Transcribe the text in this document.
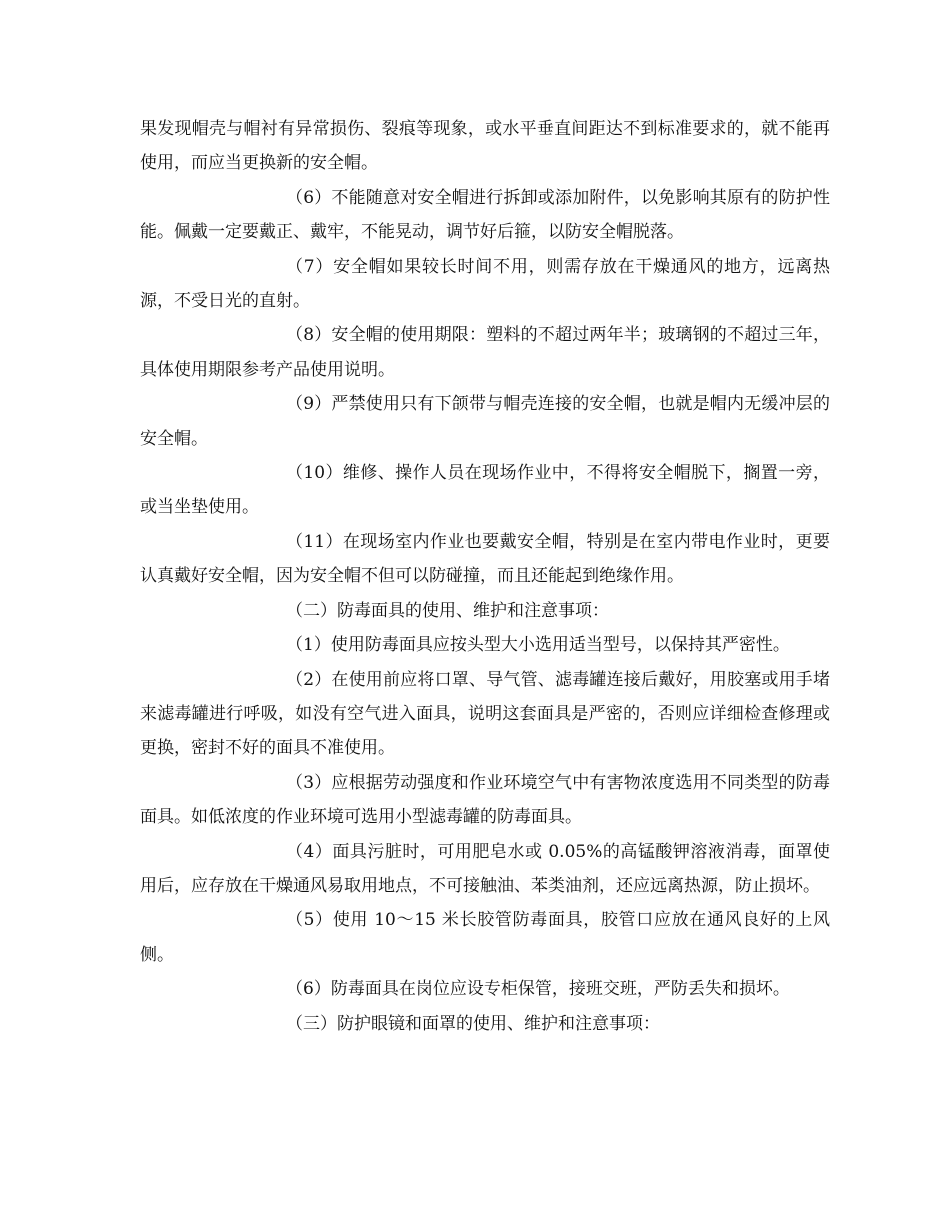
果发现帽壳与帽衬有异常损伤、裂痕等现象，或水平垂直间距达不到标准要求的，就不能再使用，而应当更换新的安全帽。

（6）不能随意对安全帽进行拆卸或添加附件，以免影响其原有的防护性能。佩戴一定要戴正、戴牢，不能晃动，调节好后箍，以防安全帽脱落。

（7）安全帽如果较长时间不用，则需存放在干燥通风的地方，远离热源，不受日光的直射。

（8）安全帽的使用期限：塑料的不超过两年半；玻璃钢的不超过三年，具体使用期限参考产品使用说明。

（9）严禁使用只有下颌带与帽壳连接的安全帽，也就是帽内无缓冲层的安全帽。

（10）维修、操作人员在现场作业中，不得将安全帽脱下，搁置一旁，或当坐垫使用。

（11）在现场室内作业也要戴安全帽，特别是在室内带电作业时，更要认真戴好安全帽，因为安全帽不但可以防碰撞，而且还能起到绝缘作用。

（二）防毒面具的使用、维护和注意事项：

（1）使用防毒面具应按头型大小选用适当型号，以保持其严密性。

（2）在使用前应将口罩、导气管、滤毒罐连接后戴好，用胶塞或用手堵来滤毒罐进行呼吸，如没有空气进入面具，说明这套面具是严密的，否则应详细检查修理或更换，密封不好的面具不准使用。

（3）应根据劳动强度和作业环境空气中有害物浓度选用不同类型的防毒面具。如低浓度的作业环境可选用小型滤毒罐的防毒面具。

（4）面具污脏时，可用肥皂水或 0.05%的高锰酸钾溶液消毒，面罩使用后，应存放在干燥通风易取用地点，不可接触油、苯类油剂，还应远离热源，防止损坏。

（5）使用 10～15 米长胶管防毒面具，胶管口应放在通风良好的上风侧。

（6）防毒面具在岗位应设专柜保管，接班交班，严防丢失和损坏。

（三）防护眼镜和面罩的使用、维护和注意事项：
